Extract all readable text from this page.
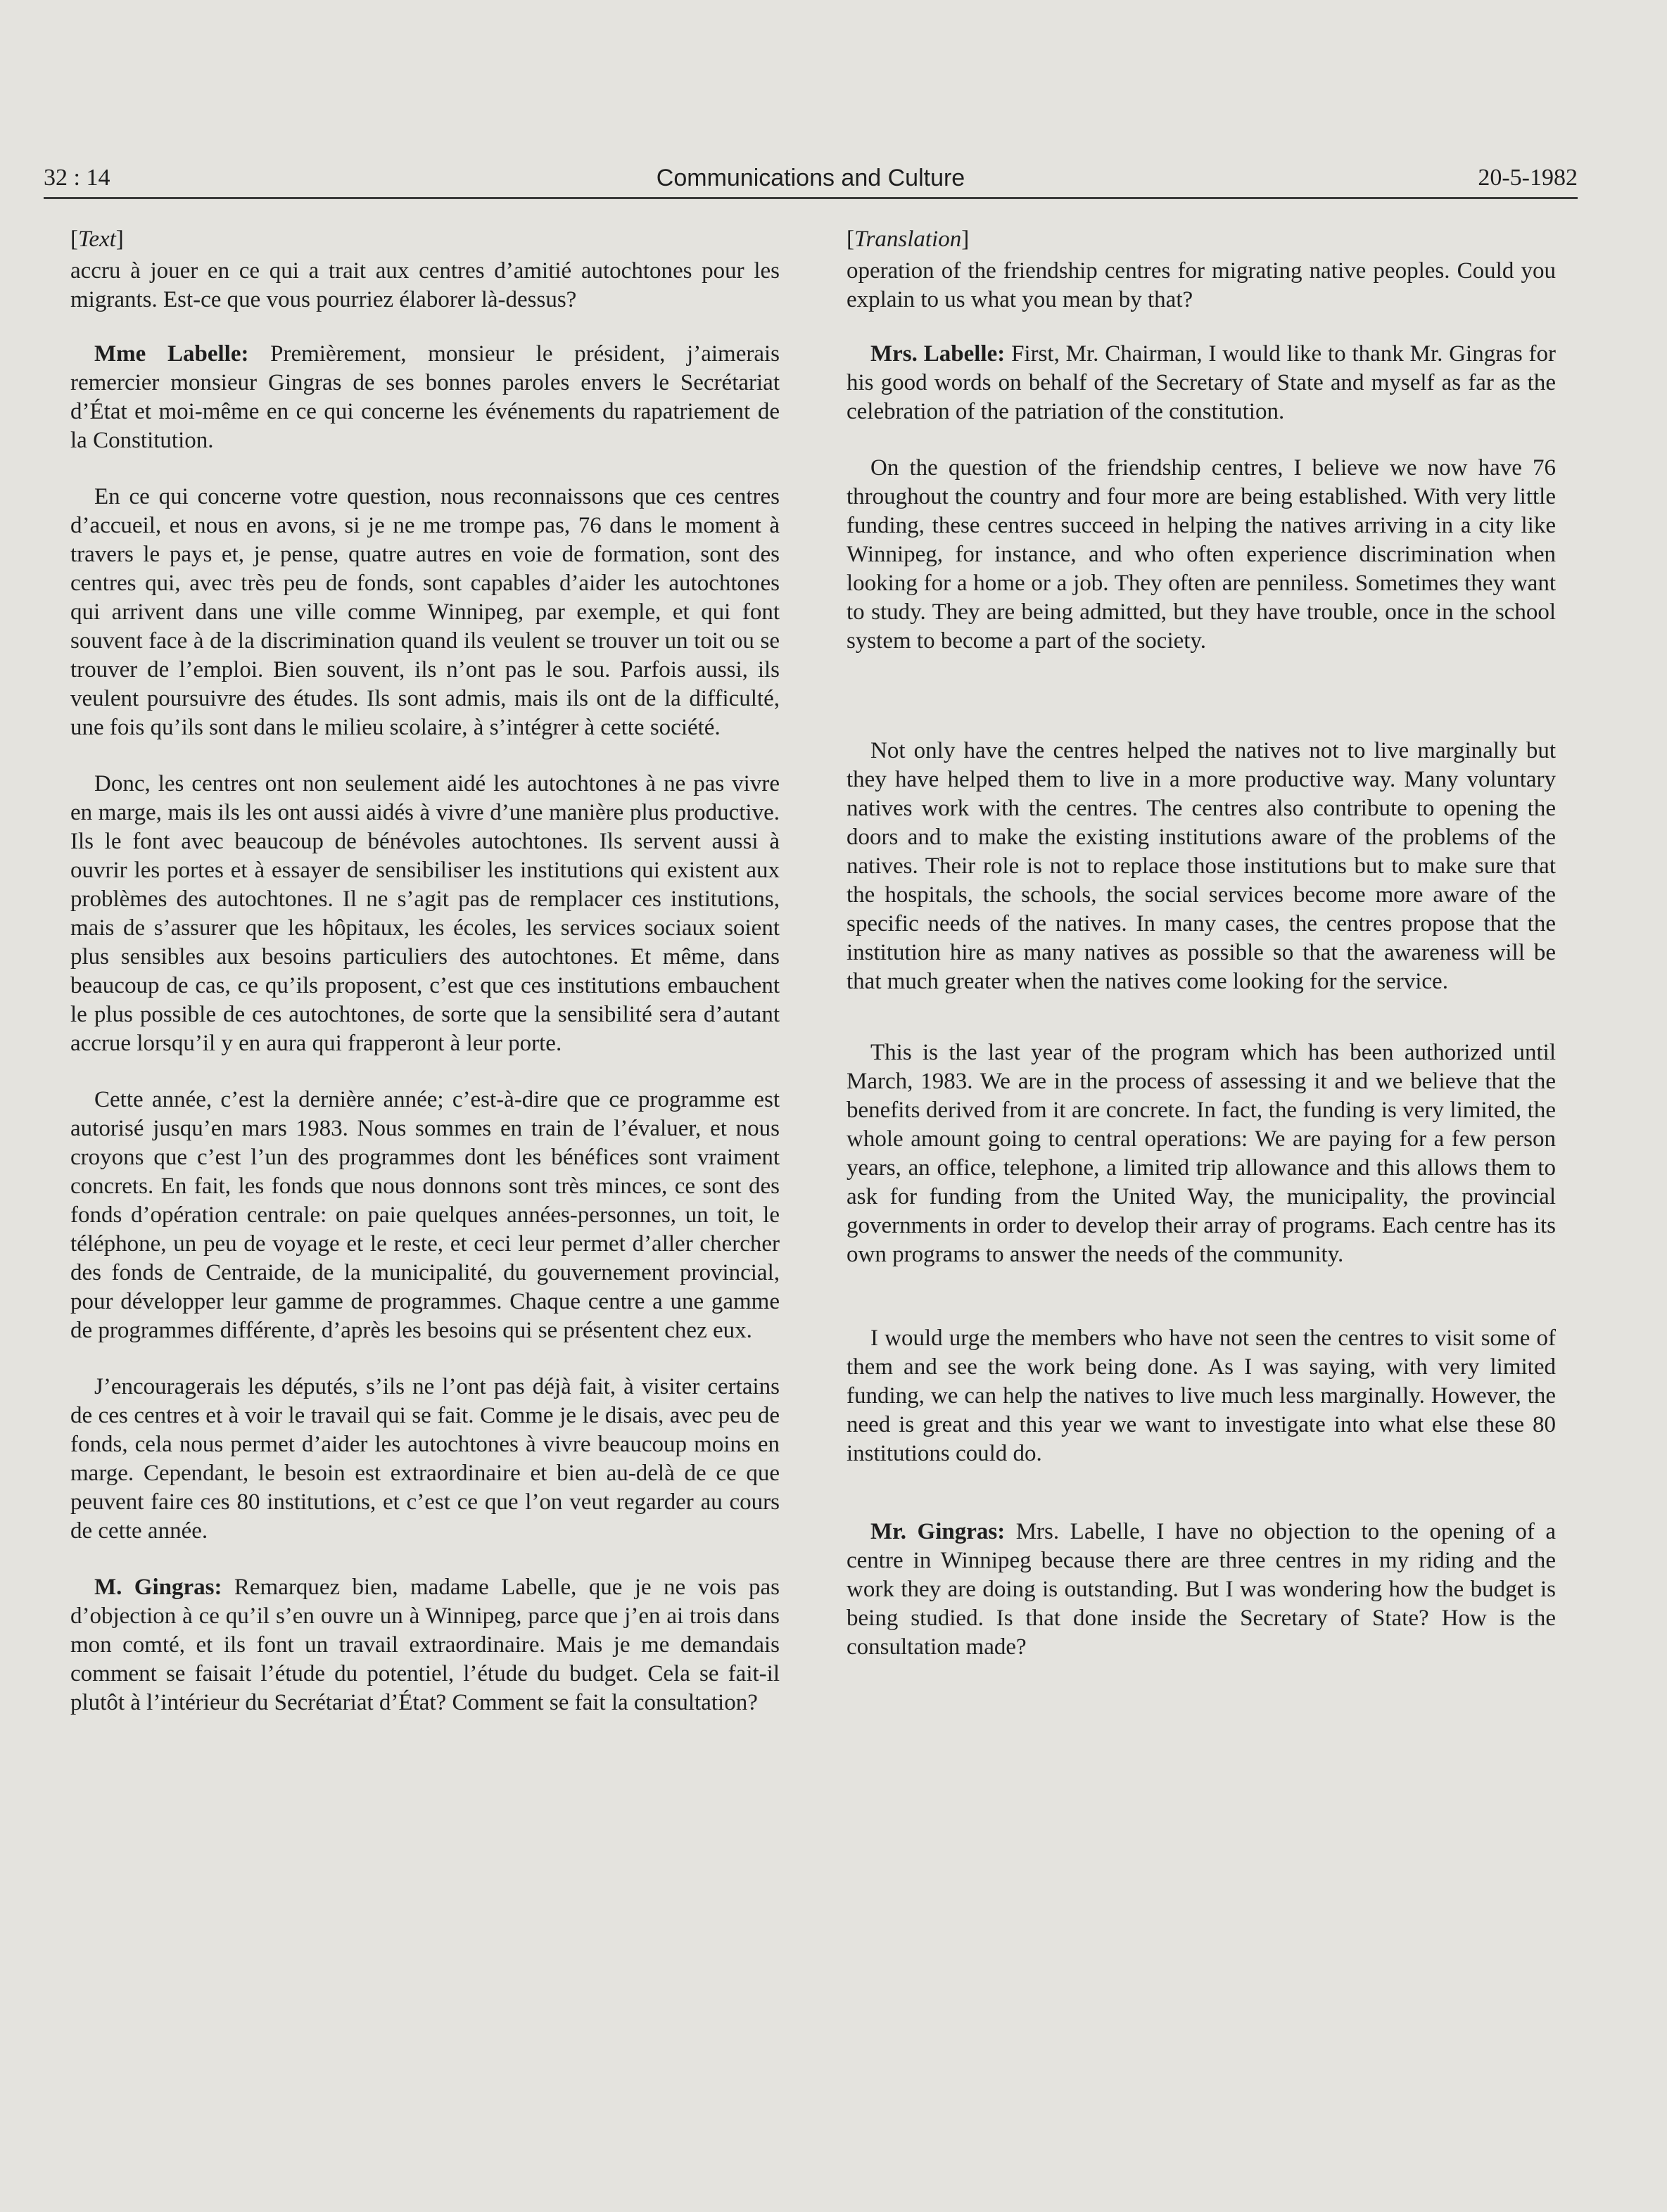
32 : 14	Communications and Culture	20-5-1982
[Text]

accru à jouer en ce qui a trait aux centres d’amitié autochtones pour les migrants. Est-ce que vous pourriez élaborer là-dessus?

Mme Labelle: Premièrement, monsieur le président, j’aimerais remercier monsieur Gingras de ses bonnes paroles envers le Secrétariat d’État et moi-même en ce qui concerne les événements du rapatriement de la Constitution.

En ce qui concerne votre question, nous reconnaissons que ces centres d’accueil, et nous en avons, si je ne me trompe pas, 76 dans le moment à travers le pays et, je pense, quatre autres en voie de formation, sont des centres qui, avec très peu de fonds, sont capables d’aider les autochtones qui arrivent dans une ville comme Winnipeg, par exemple, et qui font souvent face à de la discrimination quand ils veulent se trouver un toit ou se trouver de l’emploi. Bien souvent, ils n’ont pas le sou. Parfois aussi, ils veulent poursuivre des études. Ils sont admis, mais ils ont de la difficulté, une fois qu’ils sont dans le milieu scolaire, à s’intégrer à cette société.

Donc, les centres ont non seulement aidé les autochtones à ne pas vivre en marge, mais ils les ont aussi aidés à vivre d’une manière plus productive. Ils le font avec beaucoup de bénévoles autochtones. Ils servent aussi à ouvrir les portes et à essayer de sensibiliser les institutions qui existent aux problèmes des autochtones. Il ne s’agit pas de remplacer ces institutions, mais de s’assurer que les hôpitaux, les écoles, les services sociaux soient plus sensibles aux besoins particuliers des autochtones. Et même, dans beaucoup de cas, ce qu’ils proposent, c’est que ces institutions embauchent le plus possible de ces autochtones, de sorte que la sensibilité sera d’autant accrue lorsqu’il y en aura qui frapperont à leur porte.

Cette année, c’est la dernière année; c’est-à-dire que ce programme est autorisé jusqu’en mars 1983. Nous sommes en train de l’évaluer, et nous croyons que c’est l’un des programmes dont les bénéfices sont vraiment concrets. En fait, les fonds que nous donnons sont très minces, ce sont des fonds d’opération centrale: on paie quelques années-personnes, un toit, le téléphone, un peu de voyage et le reste, et ceci leur permet d’aller chercher des fonds de Centraide, de la municipalité, du gouvernement provincial, pour développer leur gamme de programmes. Chaque centre a une gamme de programmes différente, d’après les besoins qui se présentent chez eux.

J’encouragerais les députés, s’ils ne l’ont pas déjà fait, à visiter certains de ces centres et à voir le travail qui se fait. Comme je le disais, avec peu de fonds, cela nous permet d’aider les autochtones à vivre beaucoup moins en marge. Cependant, le besoin est extraordinaire et bien au-delà de ce que peuvent faire ces 80 institutions, et c’est ce que l’on veut regarder au cours de cette année.

M. Gingras: Remarquez bien, madame Labelle, que je ne vois pas d’objection à ce qu’il s’en ouvre un à Winnipeg, parce que j’en ai trois dans mon comté, et ils font un travail extraordinaire. Mais je me demandais comment se faisait l’étude du potentiel, l’étude du budget. Cela se fait-il plutôt à l’intérieur du Secrétariat d’État? Comment se fait la consultation?

[Translation]

operation of the friendship centres for migrating native peoples. Could you explain to us what you mean by that?

Mrs. Labelle: First, Mr. Chairman, I would like to thank Mr. Gingras for his good words on behalf of the Secretary of State and myself as far as the celebration of the patriation of the constitution.

On the question of the friendship centres, I believe we now have 76 throughout the country and four more are being established. With very little funding, these centres succeed in helping the natives arriving in a city like Winnipeg, for instance, and who often experience discrimination when looking for a home or a job. They often are penniless. Sometimes they want to study. They are being admitted, but they have trouble, once in the school system to become a part of the society.

Not only have the centres helped the natives not to live marginally but they have helped them to live in a more productive way. Many voluntary natives work with the centres. The centres also contribute to opening the doors and to make the existing institutions aware of the problems of the natives. Their role is not to replace those institutions but to make sure that the hospitals, the schools, the social services become more aware of the specific needs of the natives. In many cases, the centres propose that the institution hire as many natives as possible so that the awareness will be that much greater when the natives come looking for the service.

This is the last year of the program which has been authorized until March, 1983. We are in the process of assessing it and we believe that the benefits derived from it are concrete. In fact, the funding is very limited, the whole amount going to central operations: We are paying for a few person years, an office, telephone, a limited trip allowance and this allows them to ask for funding from the United Way, the municipality, the provincial governments in order to develop their array of programs. Each centre has its own programs to answer the needs of the community.

I would urge the members who have not seen the centres to visit some of them and see the work being done. As I was saying, with very limited funding, we can help the natives to live much less marginally. However, the need is great and this year we want to investigate into what else these 80 institutions could do.

Mr. Gingras: Mrs. Labelle, I have no objection to the opening of a centre in Winnipeg because there are three centres in my riding and the work they are doing is outstanding. But I was wondering how the budget is being studied. Is that done inside the Secretary of State? How is the consultation made?
